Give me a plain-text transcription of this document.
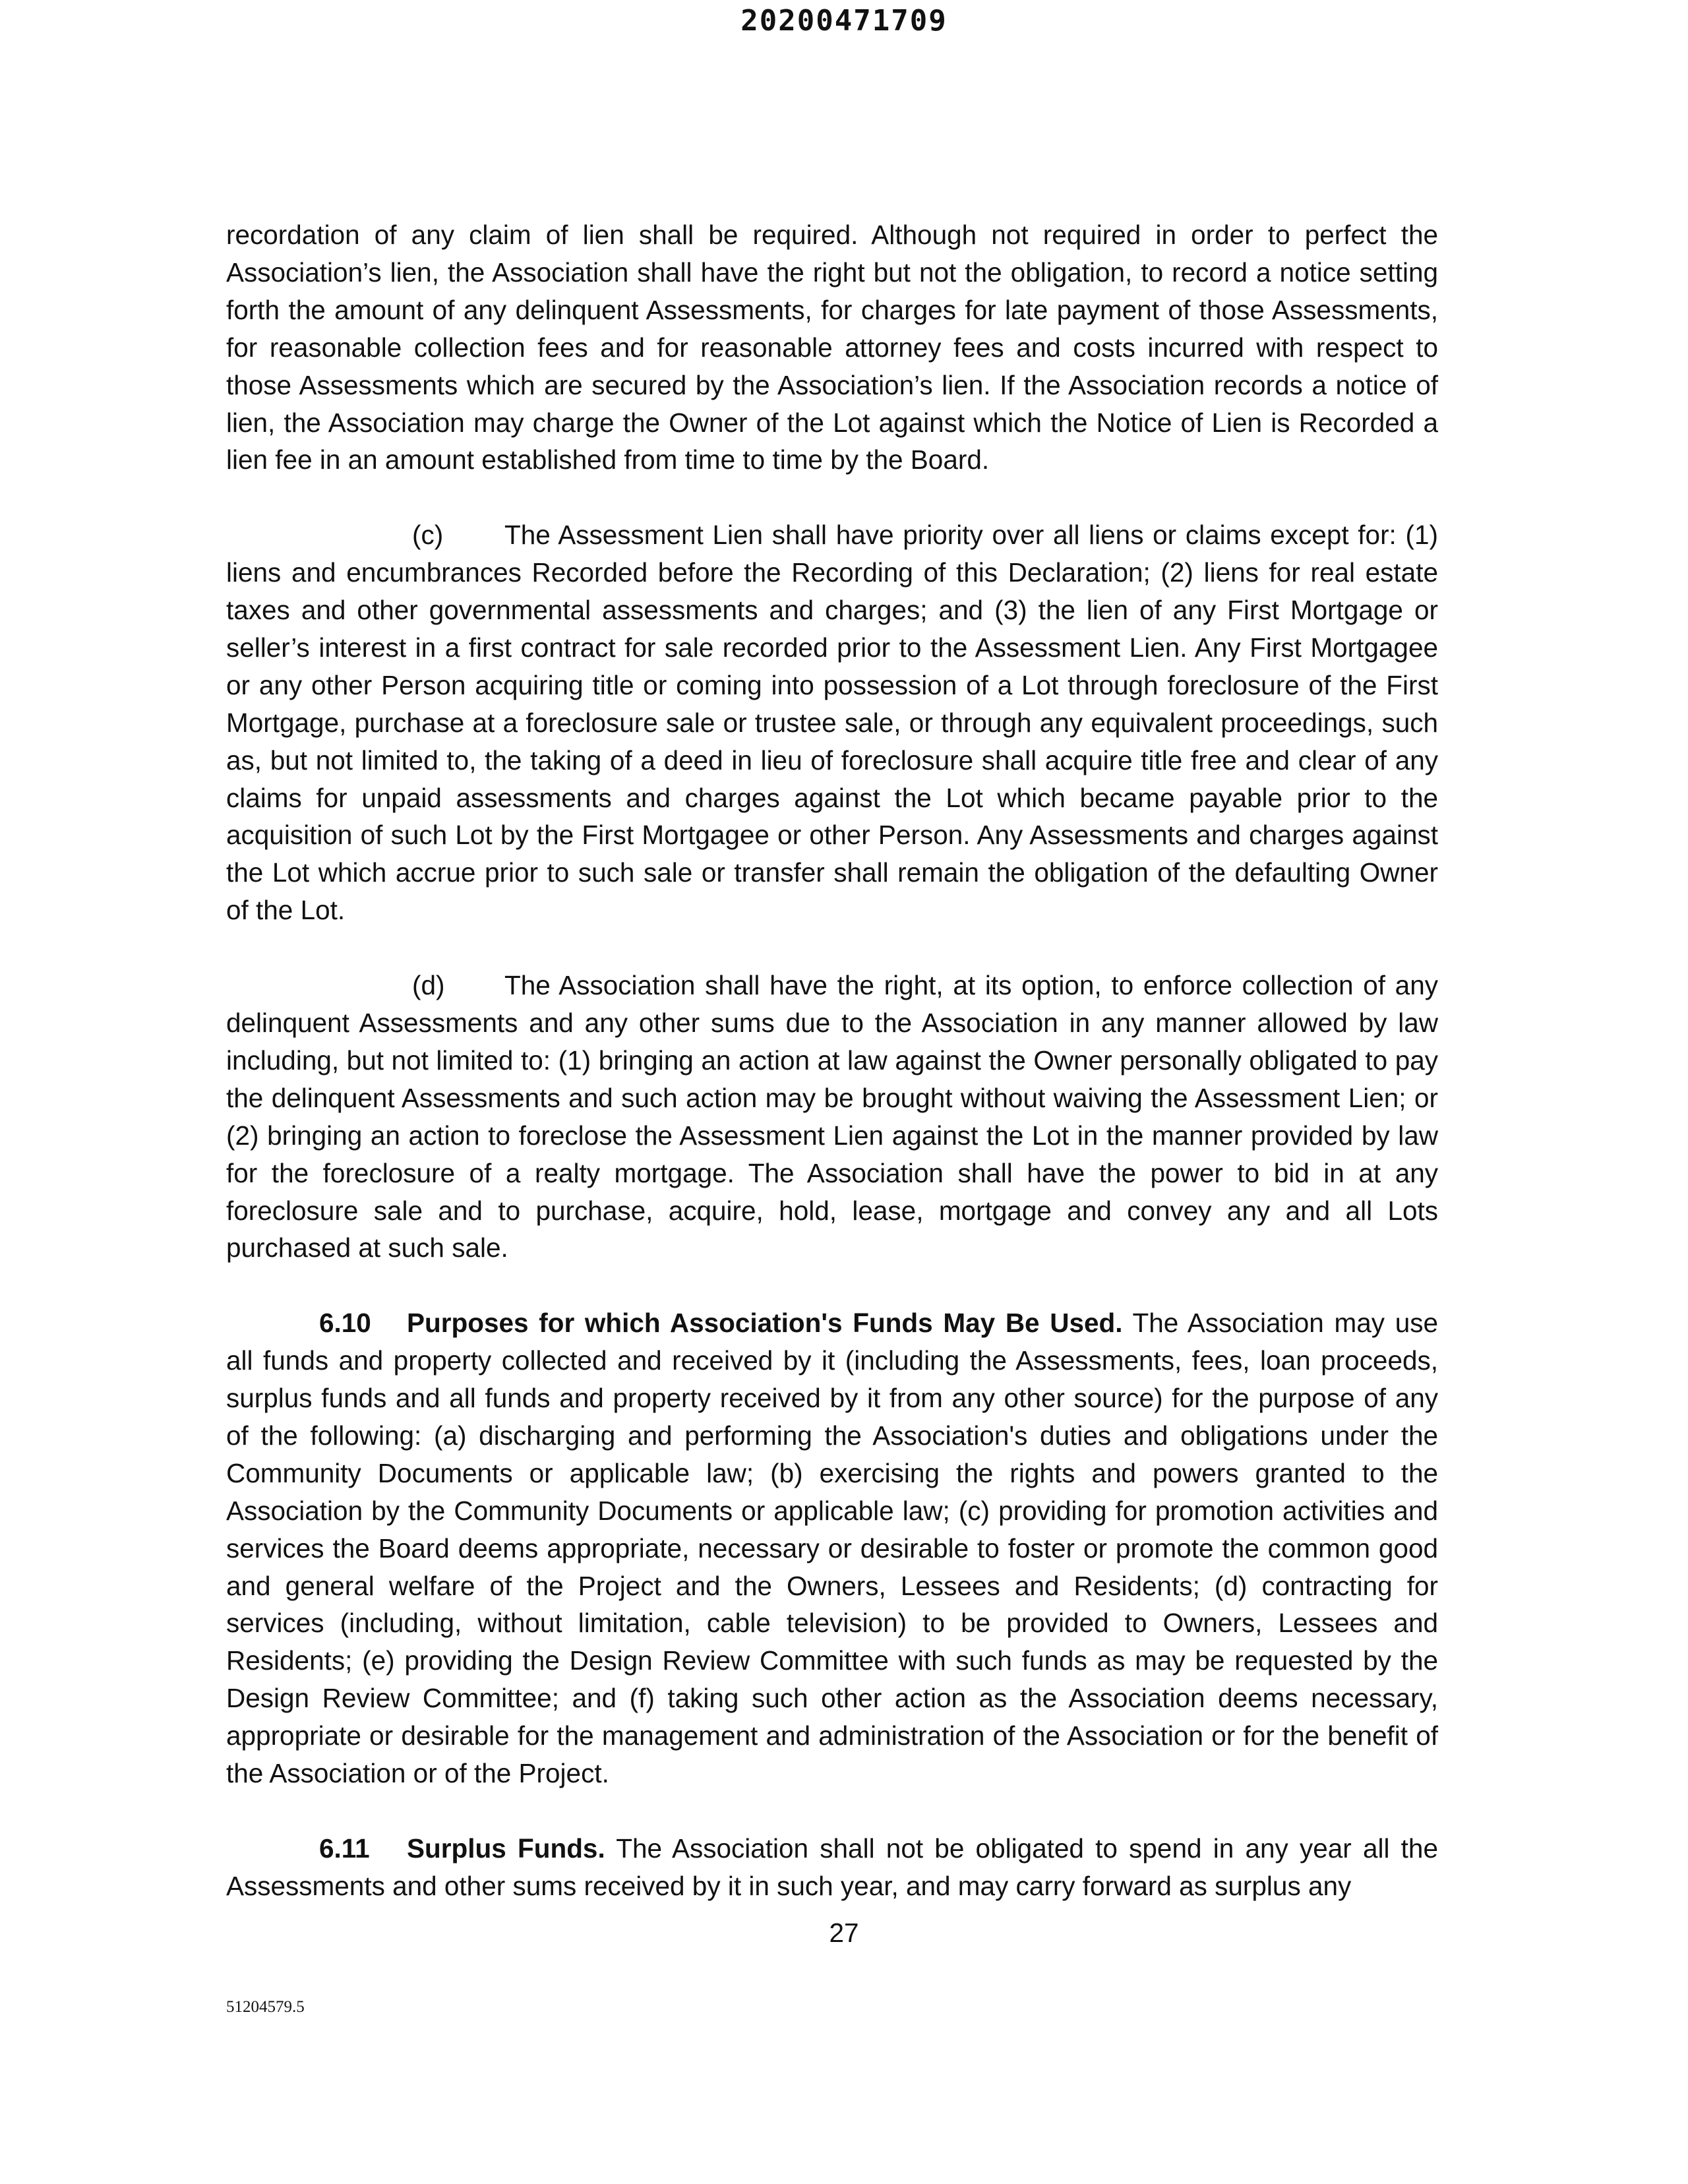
20200471709

recordation of any claim of lien shall be required. Although not required in order to perfect the Association’s lien, the Association shall have the right but not the obligation, to record a notice setting forth the amount of any delinquent Assessments, for charges for late payment of those Assessments, for reasonable collection fees and for reasonable attorney fees and costs incurred with respect to those Assessments which are secured by the Association’s lien. If the Association records a notice of lien, the Association may charge the Owner of the Lot against which the Notice of Lien is Recorded a lien fee in an amount established from time to time by the Board.

(c) The Assessment Lien shall have priority over all liens or claims except for: (1) liens and encumbrances Recorded before the Recording of this Declaration; (2) liens for real estate taxes and other governmental assessments and charges; and (3) the lien of any First Mortgage or seller’s interest in a first contract for sale recorded prior to the Assessment Lien. Any First Mortgagee or any other Person acquiring title or coming into possession of a Lot through foreclosure of the First Mortgage, purchase at a foreclosure sale or trustee sale, or through any equivalent proceedings, such as, but not limited to, the taking of a deed in lieu of foreclosure shall acquire title free and clear of any claims for unpaid assessments and charges against the Lot which became payable prior to the acquisition of such Lot by the First Mortgagee or other Person. Any Assessments and charges against the Lot which accrue prior to such sale or transfer shall remain the obligation of the defaulting Owner of the Lot.

(d) The Association shall have the right, at its option, to enforce collection of any delinquent Assessments and any other sums due to the Association in any manner allowed by law including, but not limited to: (1) bringing an action at law against the Owner personally obligated to pay the delinquent Assessments and such action may be brought without waiving the Assessment Lien; or (2) bringing an action to foreclose the Assessment Lien against the Lot in the manner provided by law for the foreclosure of a realty mortgage. The Association shall have the power to bid in at any foreclosure sale and to purchase, acquire, hold, lease, mortgage and convey any and all Lots purchased at such sale.

6.10 Purposes for which Association's Funds May Be Used. The Association may use all funds and property collected and received by it (including the Assessments, fees, loan proceeds, surplus funds and all funds and property received by it from any other source) for the purpose of any of the following: (a) discharging and performing the Association's duties and obligations under the Community Documents or applicable law; (b) exercising the rights and powers granted to the Association by the Community Documents or applicable law; (c) providing for promotion activities and services the Board deems appropriate, necessary or desirable to foster or promote the common good and general welfare of the Project and the Owners, Lessees and Residents; (d) contracting for services (including, without limitation, cable television) to be provided to Owners, Lessees and Residents; (e) providing the Design Review Committee with such funds as may be requested by the Design Review Committee; and (f) taking such other action as the Association deems necessary, appropriate or desirable for the management and administration of the Association or for the benefit of the Association or of the Project.

6.11 Surplus Funds. The Association shall not be obligated to spend in any year all the Assessments and other sums received by it in such year, and may carry forward as surplus any

27
51204579.5
